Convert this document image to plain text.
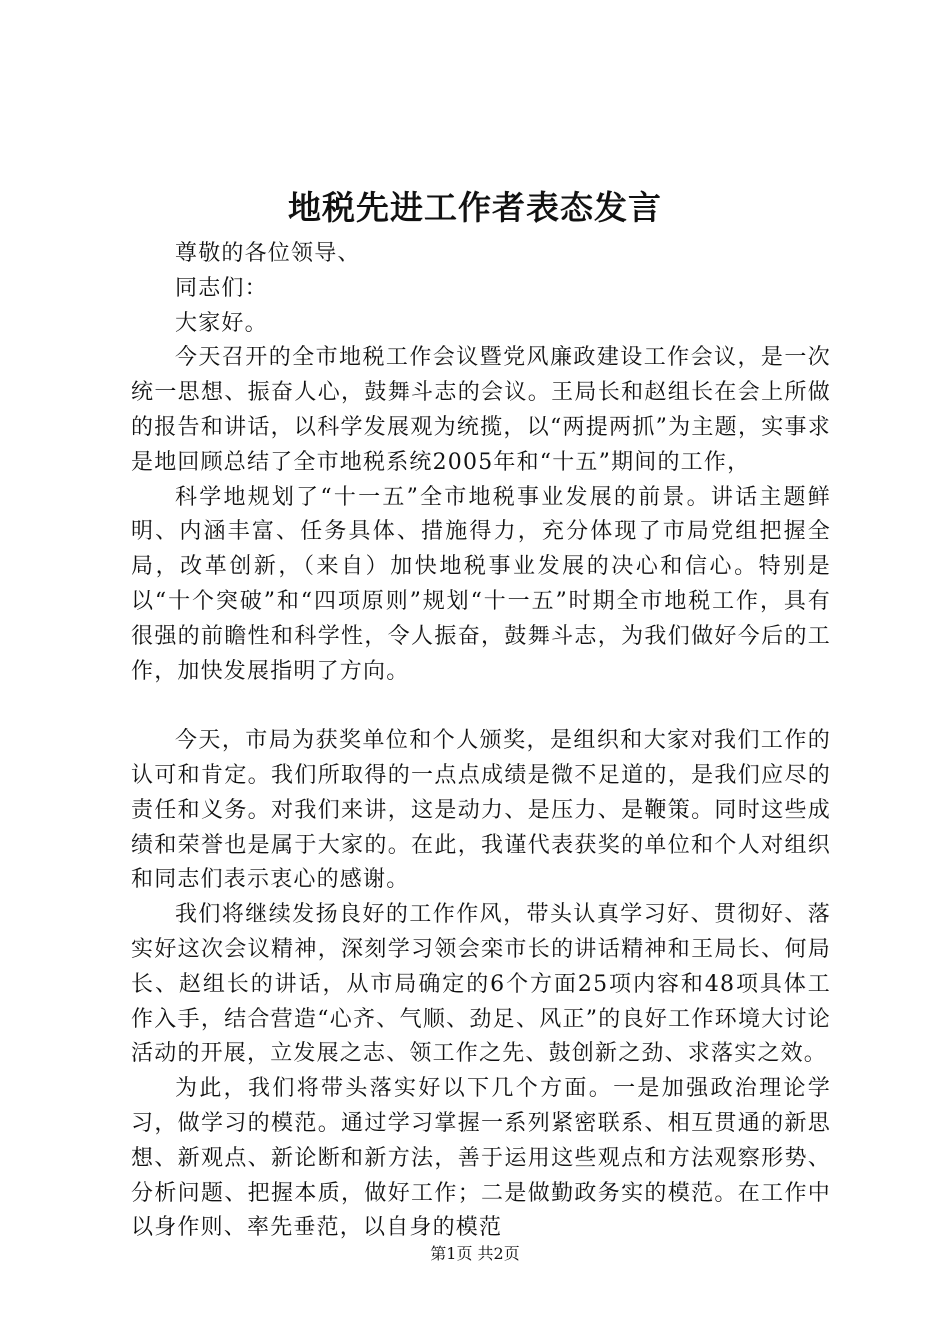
地税先进工作者表态发言

尊敬的各位领导、

同志们：

大家好。

今天召开的全市地税工作会议暨党风廉政建设工作会议，是一次统一思想、振奋人心，鼓舞斗志的会议。王局长和赵组长在会上所做的报告和讲话，以科学发展观为统揽，以“两提两抓”为主题，实事求是地回顾总结了全市地税系统2005年和“十五”期间的工作，

科学地规划了“十一五”全市地税事业发展的前景。讲话主题鲜明、内涵丰富、任务具体、措施得力，充分体现了市局党组把握全局，改革创新，（来自）加快地税事业发展的决心和信心。特别是以“十个突破”和“四项原则”规划“十一五”时期全市地税工作，具有很强的前瞻性和科学性，令人振奋，鼓舞斗志，为我们做好今后的工作，加快发展指明了方向。

今天，市局为获奖单位和个人颁奖，是组织和大家对我们工作的认可和肯定。我们所取得的一点点成绩是微不足道的，是我们应尽的责任和义务。对我们来讲，这是动力、是压力、是鞭策。同时这些成绩和荣誉也是属于大家的。在此，我谨代表获奖的单位和个人对组织和同志们表示衷心的感谢。

我们将继续发扬良好的工作作风，带头认真学习好、贯彻好、落实好这次会议精神，深刻学习领会栾市长的讲话精神和王局长、何局长、赵组长的讲话，从市局确定的6个方面25项内容和48项具体工作入手，结合营造“心齐、气顺、劲足、风正”的良好工作环境大讨论活动的开展，立发展之志、领工作之先、鼓创新之劲、求落实之效。

为此，我们将带头落实好以下几个方面。一是加强政治理论学习，做学习的模范。通过学习掌握一系列紧密联系、相互贯通的新思想、新观点、新论断和新方法，善于运用这些观点和方法观察形势、分析问题、把握本质，做好工作；二是做勤政务实的模范。在工作中以身作则、率先垂范，以自身的模范

第1页 共2页
